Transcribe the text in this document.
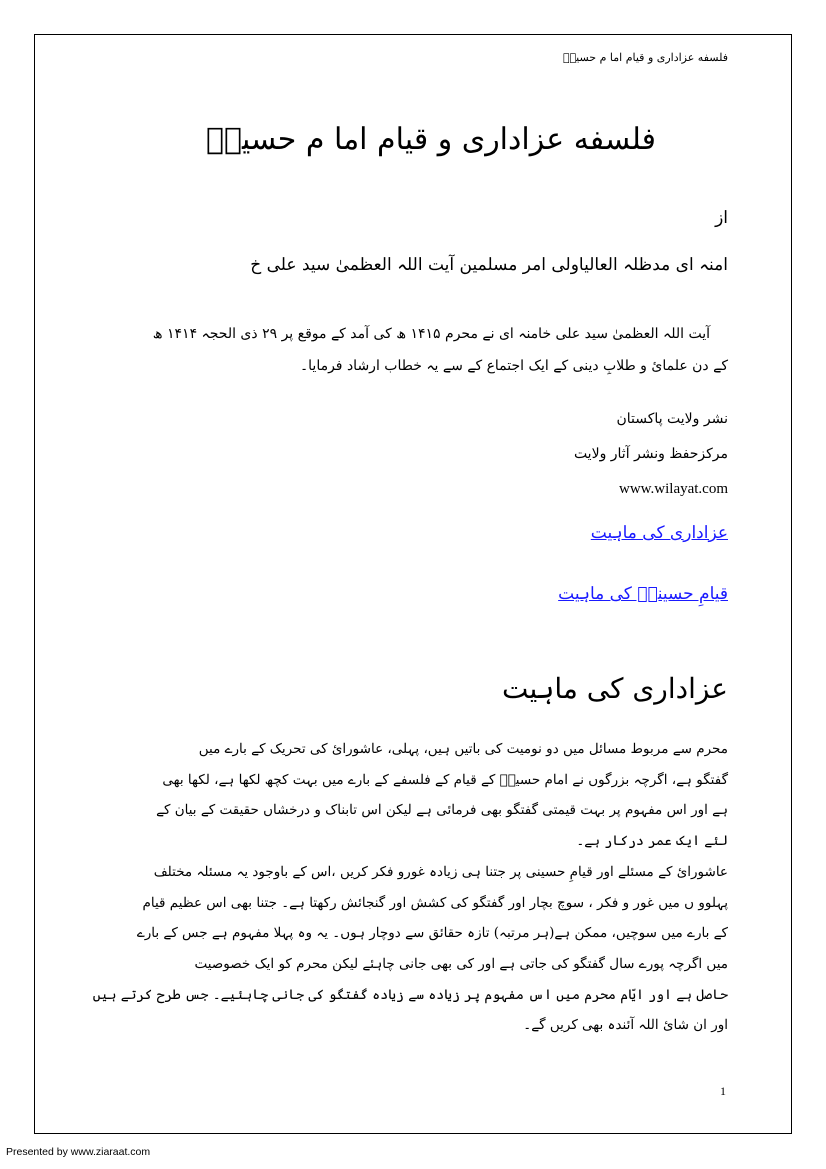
فلسفه عزاداری و قیام اما م حسینؑ

فلسفه عزاداری و قیام اما م حسینؑ

از

امنہ ای مدظلہ العالیاولی امر مسلمین آیت اللہ العظمیٰ سید علی خ

آیت اللہ العظمیٰ سید علی خامنہ ای نے محرم ۱۴۱۵ ھ کی آمد کے موقع پر ۲۹ ذی الحجہ ۱۴۱۴ ھ
کے دن علمائ و طلابِ دینی کے ایک اجتماع کے سے یہ خطاب ارشاد فرمایا۔
نشر ولایت پاکستان
مرکزحفظ ونشر آثار ولایت
www.wilayat.com
عزاداری کی ماہیت
قیامِ حسینیؑ کی ماہیت
عزاداری کی ماہیت
محرم سے مربوط مسائل میں دو نومیت کی باتیں ہیں، پہلی، عاشورائ کی تحریک کے بارے میں
گفتگو ہے، اگرچہ بزرگوں نے امام حسینؑ کے قیام کے فلسفے کے بارے میں بہت کچھ لکھا ہے، لکھا بھی
ہے اور اس مفہوم پر بہت قیمتی گفتگو بھی فرمائی ہے لیکن اس تابناک و درخشاں حقیقت کے بیان کے
لئے ایک عمر درکار ہے۔
عاشورائ کے مسئلے اور قیامِ حسینی پر جتنا ہی زیادہ غورو فکر کریں ،اس کے باوجود یہ مسئلہ مختلف
پہلوو ں میں غور و فکر ، سوچ بچار اور گفتگو کی کشش اور گنجائش رکھتا ہے۔ جتنا بھی اس عظیم قیام
کے بارے میں سوچیں، ممکن ہے(ہر مرتبہ) تازہ حقائق سے دوچار ہوں۔ یہ وہ پہلا مفہوم ہے جس کے بارے
میں اگرچہ پورے سال گفتگو کی جاتی ہے اور کی بھی جانی چاہئے لیکن محرم کو ایک خصوصیت
حاصل ہے اور ایّام محرم میں اس مفہوم پر زیادہ سے زیادہ گفتگو کی جانی چاہئیے۔ جس طرح کرتے ہیں
اور ان شائ اللہ آئندہ بھی کریں گے۔
1
Presented by www.ziaraat.com
